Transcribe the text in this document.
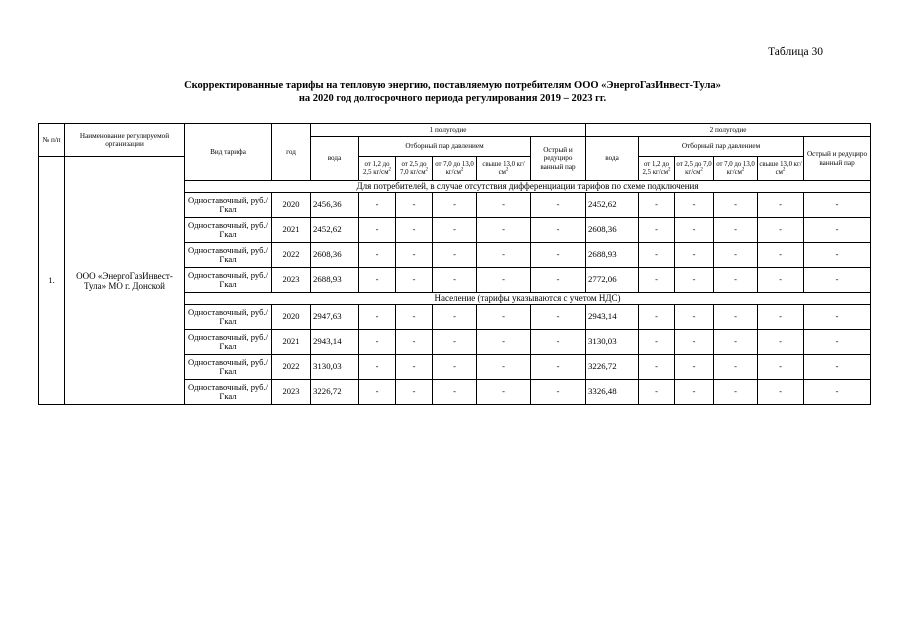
Таблица 30
Скорректированные тарифы на тепловую энергию, поставляемую потребителям ООО «ЭнергоГазИнвест-Тула»
на 2020 год долгосрочного периода регулирования 2019 – 2023 гг.
№ п/п	Наименование регулируемой организации	Вид тарифа	год	1 полугодие						2 полугодие					
				вода	Отборный пар давлением				Острый и редуциро ванный пар	вода	Отборный пар давлением				Острый и редуциро ванный пар
1.	ООО «ЭнергоГазИнвест-Тула» МО г. Донской				от 1,2 до 2,5 $кг/см^2$	от 2,5 до 7,0 $кг/см^2$	от 7,0 до 13,0 $кг/см^2$	свыше 13,0 $кг/см^2$			от 1,2 до 2,5 $кг/см^2$	от 2,5 до 7,0 $кг/см^2$	от 7,0 до 13,0 $кг/см^2$	свыше 13,0 $кг/см^2$

		Для потребителей, в случае отсутствия дифференциации тарифов по схеме подключения													
		Одноставочный, руб./Гкал	2020	2456,36	-	-	-	-	-	2452,62	-	-	-	-	-
		Одноставочный, руб./Гкал	2021	2452,62	-	-	-	-	-	2608,36	-	-	-	-	-
		Одноставочный, руб./Гкал	2022	2608,36	-	-	-	-	-	2688,93	-	-	-	-	-
		Одноставочный, руб./Гкал	2023	2688,93	-	-	-	-	-	2772,06	-	-	-	-	-
		Население (тарифы указываются с учетом НДС)													
		Одноставочный, руб./Гкал	2020	2947,63	-	-	-	-	-	2943,14	-	-	-	-	-
		Одноставочный, руб./Гкал	2021	2943,14	-	-	-	-	-	3130,03	-	-	-	-	-
		Одноставочный, руб./Гкал	2022	3130,03	-	-	-	-	-	3226,72	-	-	-	-	-
		Одноставочный, руб./Гкал	2023	3226,72	-	-	-	-	-	3326,48	-	-	-	-	-
